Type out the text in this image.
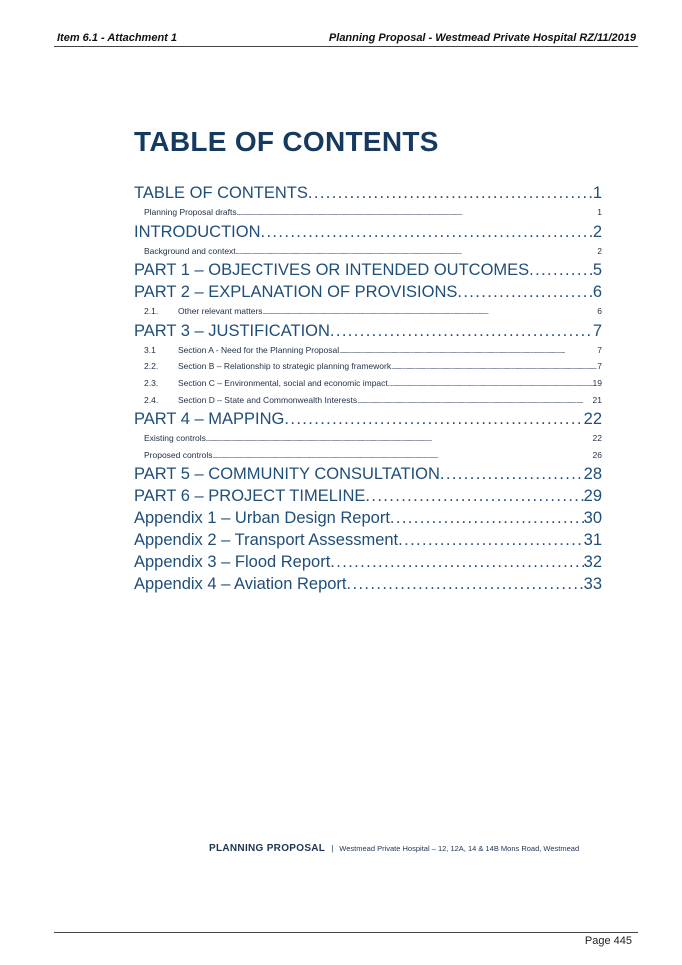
Item 6.1 - Attachment 1	Planning Proposal - Westmead Private Hospital RZ/11/2019
TABLE OF CONTENTS
TABLE OF CONTENTS . . .	1
Planning Proposal drafts . . .	1
INTRODUCTION . . .	2
Background and context . . .	2
PART 1 – OBJECTIVES OR INTENDED OUTCOMES . . .	5
PART 2 – EXPLANATION OF PROVISIONS . . .	6
2.1.	Other relevant matters . . .	6
PART 3 – JUSTIFICATION . . .	7
3.1	Section A - Need for the Planning Proposal . . .	7
2.2.	Section B – Relationship to strategic planning framework . . .	7
2.3.	Section C – Environmental, social and economic impact . . .	19
2.4.	Section D – State and Commonwealth Interests . . .	21
PART 4 – MAPPING . . .	22
Existing controls . . .	22
Proposed controls . . .	26
PART 5 – COMMUNITY CONSULTATION . . .	28
PART 6 – PROJECT TIMELINE . . .	29
Appendix 1 – Urban Design Report . . .	30
Appendix 2 – Transport Assessment . . .	31
Appendix 3 – Flood Report . . .	32
Appendix 4 – Aviation Report . . .	33
PLANNING PROPOSAL | Westmead Private Hospital – 12, 12A, 14 & 14B Mons Road, Westmead
Page 445
